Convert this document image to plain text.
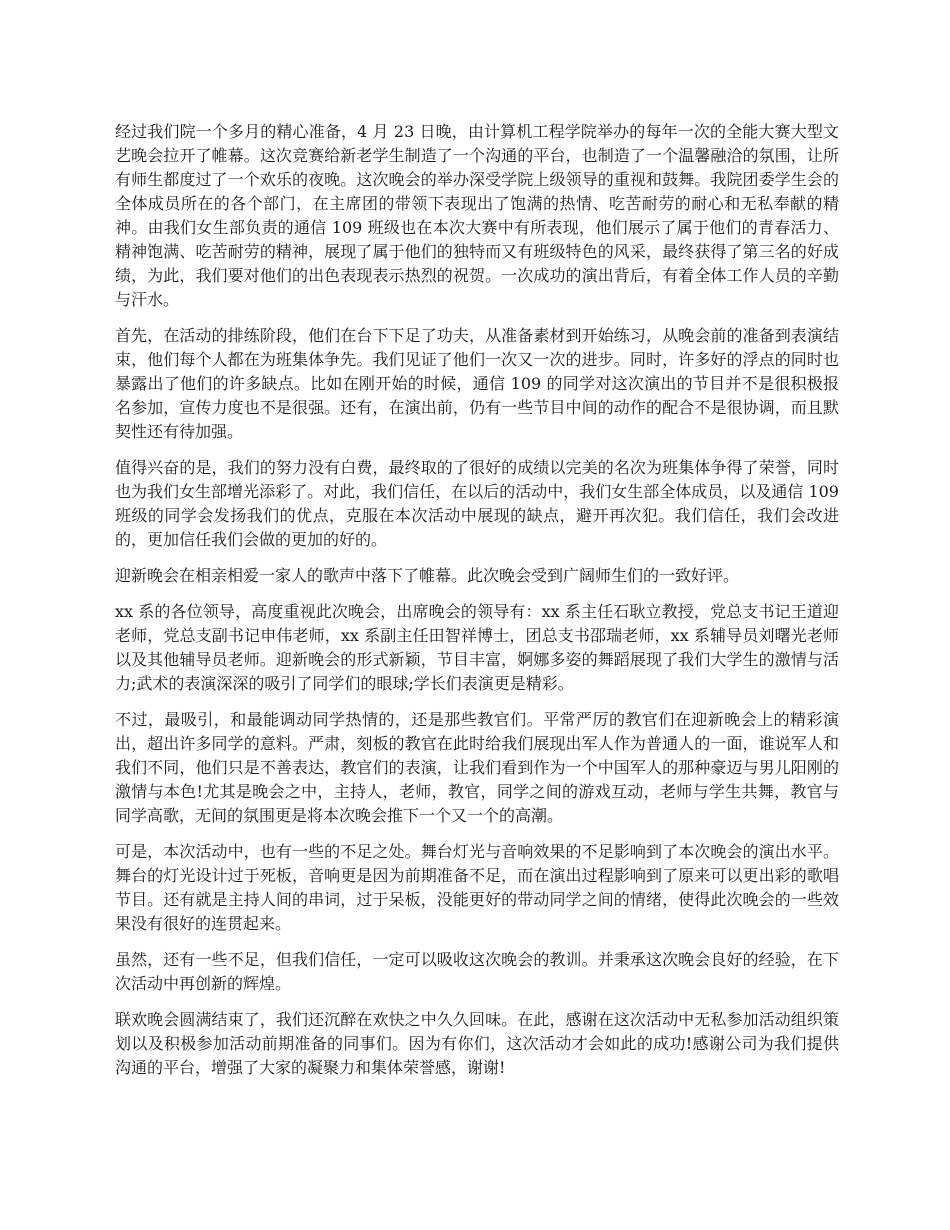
经过我们院一个多月的精心准备，4 月 23 日晚，由计算机工程学院举办的每年一次的全能大赛大型文艺晚会拉开了帷幕。这次竞赛给新老学生制造了一个沟通的平台，也制造了一个温馨融洽的氛围，让所有师生都度过了一个欢乐的夜晚。这次晚会的举办深受学院上级领导的重视和鼓舞。我院团委学生会的全体成员所在的各个部门，在主席团的带领下表现出了饱满的热情、吃苦耐劳的耐心和无私奉献的精神。由我们女生部负责的通信 109 班级也在本次大赛中有所表现，他们展示了属于他们的青春活力、精神饱满、吃苦耐劳的精神，展现了属于他们的独特而又有班级特色的风采，最终获得了第三名的好成绩，为此，我们要对他们的出色表现表示热烈的祝贺。一次成功的演出背后，有着全体工作人员的辛勤与汗水。

首先，在活动的排练阶段，他们在台下下足了功夫，从准备素材到开始练习，从晚会前的准备到表演结束，他们每个人都在为班集体争先。我们见证了他们一次又一次的进步。同时，许多好的浮点的同时也暴露出了他们的许多缺点。比如在刚开始的时候，通信 109 的同学对这次演出的节目并不是很积极报名参加，宣传力度也不是很强。还有，在演出前，仍有一些节目中间的动作的配合不是很协调，而且默契性还有待加强。

值得兴奋的是，我们的努力没有白费，最终取的了很好的成绩以完美的名次为班集体争得了荣誉，同时也为我们女生部增光添彩了。对此，我们信任，在以后的活动中，我们女生部全体成员，以及通信 109 班级的同学会发扬我们的优点，克服在本次活动中展现的缺点，避开再次犯。我们信任，我们会改进的，更加信任我们会做的更加的好的。

迎新晚会在相亲相爱一家人的歌声中落下了帷幕。此次晚会受到广阔师生们的一致好评。

xx 系的各位领导，高度重视此次晚会，出席晚会的领导有：xx 系主任石耿立教授，党总支书记王道迎老师，党总支副书记申伟老师，xx 系副主任田智祥博士，团总支书邵瑞老师，xx 系辅导员刘曙光老师以及其他辅导员老师。迎新晚会的形式新颖，节目丰富，婀娜多姿的舞蹈展现了我们大学生的激情与活力;武术的表演深深的吸引了同学们的眼球;学长们表演更是精彩。

不过，最吸引，和最能调动同学热情的，还是那些教官们。平常严厉的教官们在迎新晚会上的精彩演出，超出许多同学的意料。严肃，刻板的教官在此时给我们展现出军人作为普通人的一面，谁说军人和我们不同，他们只是不善表达，教官们的表演，让我们看到作为一个中国军人的那种豪迈与男儿阳刚的激情与本色!尤其是晚会之中，主持人，老师，教官，同学之间的游戏互动，老师与学生共舞，教官与同学高歌，无间的氛围更是将本次晚会推下一个又一个的高潮。

可是，本次活动中，也有一些的不足之处。舞台灯光与音响效果的不足影响到了本次晚会的演出水平。舞台的灯光设计过于死板，音响更是因为前期准备不足，而在演出过程影响到了原来可以更出彩的歌唱节目。还有就是主持人间的串词，过于呆板，没能更好的带动同学之间的情绪，使得此次晚会的一些效果没有很好的连贯起来。

虽然，还有一些不足，但我们信任，一定可以吸收这次晚会的教训。并秉承这次晚会良好的经验，在下次活动中再创新的辉煌。

联欢晚会圆满结束了，我们还沉醉在欢快之中久久回味。在此，感谢在这次活动中无私参加活动组织策划以及积极参加活动前期准备的同事们。因为有你们，这次活动才会如此的成功!感谢公司为我们提供沟通的平台，增强了大家的凝聚力和集体荣誉感，谢谢!
